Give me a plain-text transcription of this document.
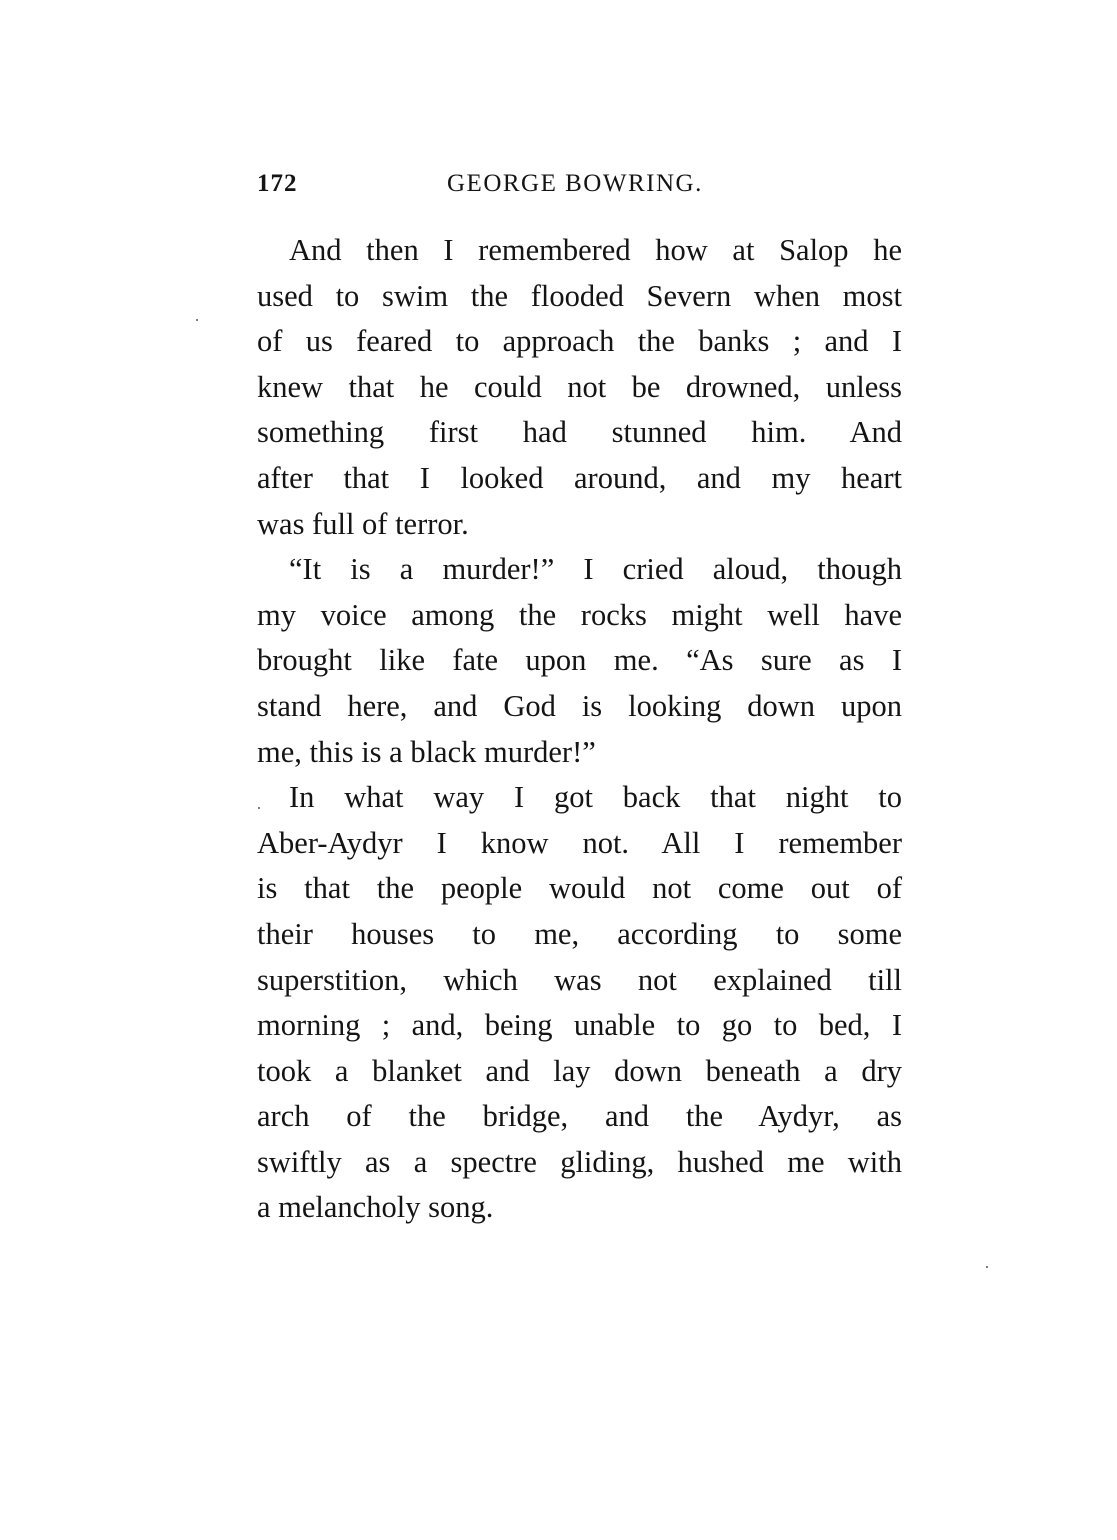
172	GEORGE BOWRING.
And then I remembered how at Salop he
used to swim the flooded Severn when most
of us feared to approach the banks ; and I
knew that he could not be drowned, unless
something first had stunned him. And
after that I looked around, and my heart
was full of terror.
“It is a murder!” I cried aloud, though
my voice among the rocks might well have
brought like fate upon me. “As sure as I
stand here, and God is looking down upon
me, this is a black murder!”
In what way I got back that night to
Aber-Aydyr I know not. All I remember
is that the people would not come out of
their houses to me, according to some
superstition, which was not explained till
morning ; and, being unable to go to bed, I
took a blanket and lay down beneath a dry
arch of the bridge, and the Aydyr, as
swiftly as a spectre gliding, hushed me with
a melancholy song.
